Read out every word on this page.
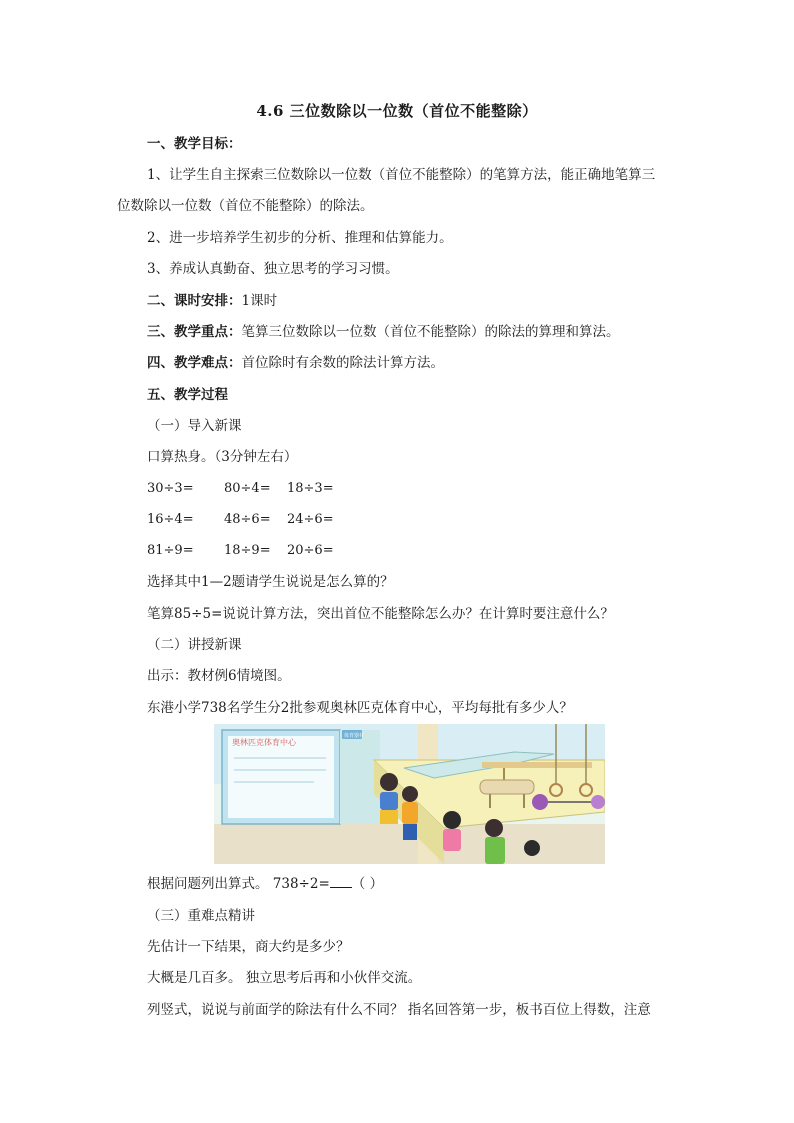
4.6 三位数除以一位数（首位不能整除）
一、教学目标：
1、让学生自主探索三位数除以一位数（首位不能整除）的笔算方法，能正确地笔算三
位数除以一位数（首位不能整除）的除法。
2、进一步培养学生初步的分析、推理和估算能力。
3、养成认真勤奋、独立思考的学习习惯。
二、课时安排：1课时
三、教学重点：笔算三位数除以一位数（首位不能整除）的除法的算理和算法。
四、教学难点：首位除时有余数的除法计算方法。
五、教学过程
（一）导入新课
口算热身。（3分钟左右）
30÷3= 80÷4= 18÷3=
16÷4= 48÷6= 24÷6=
81÷9= 18÷9= 20÷6=
选择其中1—2题请学生说说是怎么算的？
笔算85÷5=说说计算方法，突出首位不能整除怎么办？在计算时要注意什么？
（二）讲授新课
出示：教材例6情境图。
东港小学738名学生分2批参观奥林匹克体育中心，平均每批有多少人？
奥林匹克体育中心
体育器材
根据问题列出算式。 738÷2= （ ）
（三）重难点精讲
先估计一下结果，商大约是多少？
大概是几百多。 独立思考后再和小伙伴交流。
列竖式，说说与前面学的除法有什么不同？ 指名回答第一步，板书百位上得数，注意
